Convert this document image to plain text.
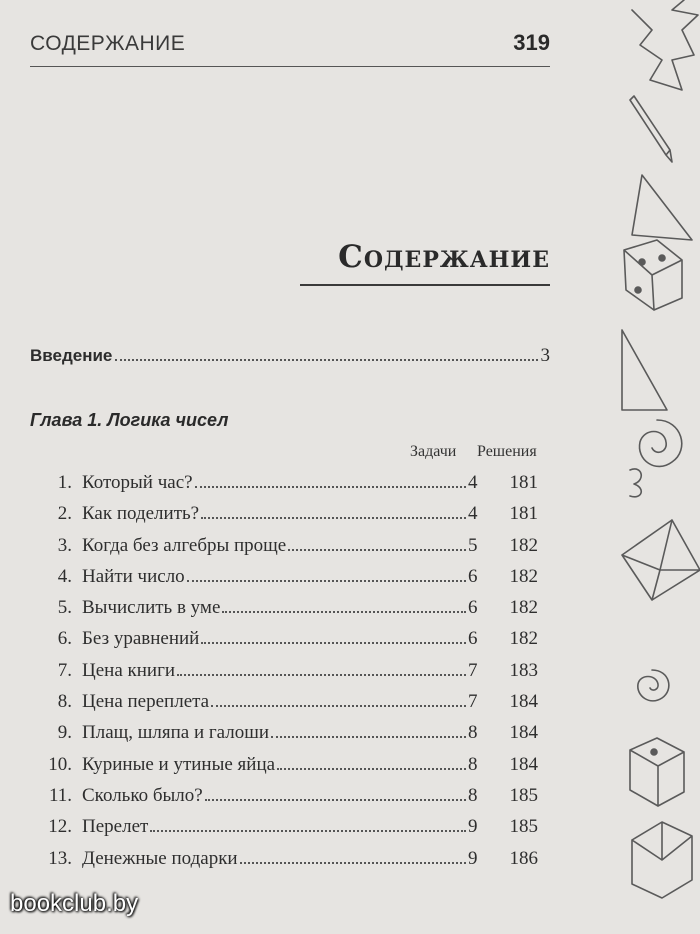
СОДЕРЖАНИЕ	319
Содержание
Введение	3
Глава 1. Логика чисел
Задачи Решения
1. Который час?	4	181
2. Как поделить?	4	181
3. Когда без алгебры проще	5	182
4. Найти число	6	182
5. Вычислить в уме	6	182
6. Без уравнений	6	182
7. Цена книги	7	183
8. Цена переплета	7	184
9. Плащ, шляпа и галоши	8	184
10. Куриные и утиные яйца	8	184
11. Сколько было?	8	185
12. Перелет	9	185
13. Денежные подарки	9	186
bookclub.by
